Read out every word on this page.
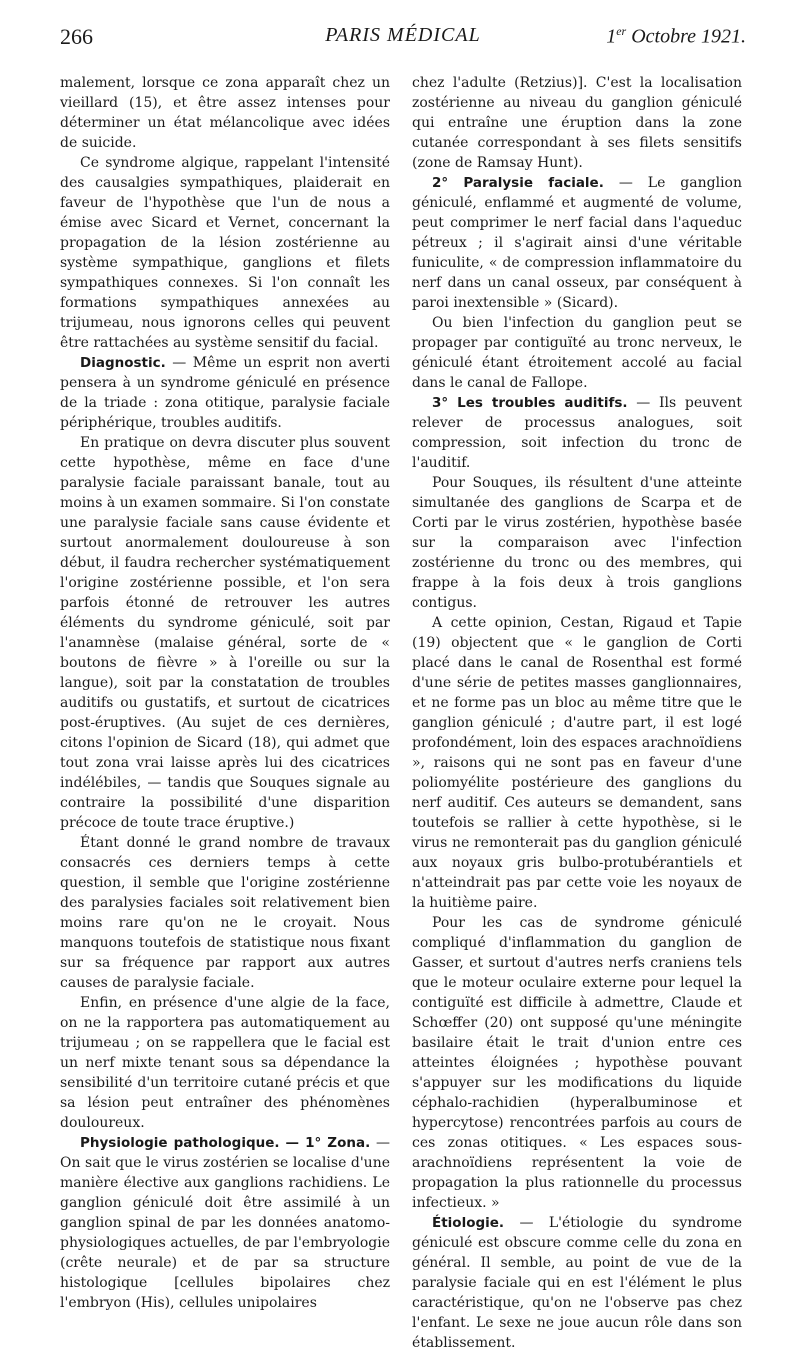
266	PARIS MÉDICAL	1er Octobre 1921.

malement, lorsque ce zona apparaît chez un vieillard (15), et être assez intenses pour déterminer un état mélancolique avec idées de suicide.

Ce syndrome algique, rappelant l'intensité des causalgies sympathiques, plaiderait en faveur de l'hypothèse que l'un de nous a émise avec Sicard et Vernet, concernant la propagation de la lésion zostérienne au système sympathique, ganglions et filets sympathiques connexes. Si l'on connaît les formations sympathiques annexées au trijumeau, nous ignorons celles qui peuvent être rattachées au système sensitif du facial.

Diagnostic. — Même un esprit non averti pensera à un syndrome géniculé en présence de la triade : zona otitique, paralysie faciale périphérique, troubles auditifs.

En pratique on devra discuter plus souvent cette hypothèse, même en face d'une paralysie faciale paraissant banale, tout au moins à un examen sommaire. Si l'on constate une paralysie faciale sans cause évidente et surtout anormalement douloureuse à son début, il faudra rechercher systématiquement l'origine zostérienne possible, et l'on sera parfois étonné de retrouver les autres éléments du syndrome géniculé, soit par l'anamnèse (malaise général, sorte de « boutons de fièvre » à l'oreille ou sur la langue), soit par la constatation de troubles auditifs ou gustatifs, et surtout de cicatrices post-éruptives. (Au sujet de ces dernières, citons l'opinion de Sicard (18), qui admet que tout zona vrai laisse après lui des cicatrices indélébiles, — tandis que Souques signale au contraire la possibilité d'une disparition précoce de toute trace éruptive.)

Étant donné le grand nombre de travaux consacrés ces derniers temps à cette question, il semble que l'origine zostérienne des paralysies faciales soit relativement bien moins rare qu'on ne le croyait. Nous manquons toutefois de statistique nous fixant sur sa fréquence par rapport aux autres causes de paralysie faciale.

Enfin, en présence d'une algie de la face, on ne la rapportera pas automatiquement au trijumeau ; on se rappellera que le facial est un nerf mixte tenant sous sa dépendance la sensibilité d'un territoire cutané précis et que sa lésion peut entraîner des phénomènes douloureux.

Physiologie pathologique. — 1° Zona. — On sait que le virus zostérien se localise d'une manière élective aux ganglions rachidiens. Le ganglion géniculé doit être assimilé à un ganglion spinal de par les données anatomo-physiologiques actuelles, de par l'embryologie (crête neurale) et de par sa structure histologique [cellules bipolaires chez l'embryon (His), cellules unipolaires

chez l'adulte (Retzius)]. C'est la localisation zostérienne au niveau du ganglion géniculé qui entraîne une éruption dans la zone cutanée correspondant à ses filets sensitifs (zone de Ramsay Hunt).

2° Paralysie faciale. — Le ganglion géniculé, enflammé et augmenté de volume, peut comprimer le nerf facial dans l'aqueduc pétreux ; il s'agirait ainsi d'une véritable funiculite, « de compression inflammatoire du nerf dans un canal osseux, par conséquent à paroi inextensible » (Sicard).

Ou bien l'infection du ganglion peut se propager par contiguïté au tronc nerveux, le géniculé étant étroitement accolé au facial dans le canal de Fallope.

3° Les troubles auditifs. — Ils peuvent relever de processus analogues, soit compression, soit infection du tronc de l'auditif.

Pour Souques, ils résultent d'une atteinte simultanée des ganglions de Scarpa et de Corti par le virus zostérien, hypothèse basée sur la comparaison avec l'infection zostérienne du tronc ou des membres, qui frappe à la fois deux à trois ganglions contigus.

A cette opinion, Cestan, Rigaud et Tapie (19) objectent que « le ganglion de Corti placé dans le canal de Rosenthal est formé d'une série de petites masses ganglionnaires, et ne forme pas un bloc au même titre que le ganglion géniculé ; d'autre part, il est logé profondément, loin des espaces arachnoïdiens », raisons qui ne sont pas en faveur d'une poliomyélite postérieure des ganglions du nerf auditif. Ces auteurs se demandent, sans toutefois se rallier à cette hypothèse, si le virus ne remonterait pas du ganglion géniculé aux noyaux gris bulbo-protubérantiels et n'atteindrait pas par cette voie les noyaux de la huitième paire.

Pour les cas de syndrome géniculé compliqué d'inflammation du ganglion de Gasser, et surtout d'autres nerfs craniens tels que le moteur oculaire externe pour lequel la contiguïté est difficile à admettre, Claude et Schœffer (20) ont supposé qu'une méningite basilaire était le trait d'union entre ces atteintes éloignées ; hypothèse pouvant s'appuyer sur les modifications du liquide céphalo-rachidien (hyperalbuminose et hypercytose) rencontrées parfois au cours de ces zonas otitiques. « Les espaces sous-arachnoïdiens représentent la voie de propagation la plus rationnelle du processus infectieux. »

Étiologie. — L'étiologie du syndrome géniculé est obscure comme celle du zona en général. Il semble, au point de vue de la paralysie faciale qui en est l'élément le plus caractéristique, qu'on ne l'observe pas chez l'enfant. Le sexe ne joue aucun rôle dans son établissement.
